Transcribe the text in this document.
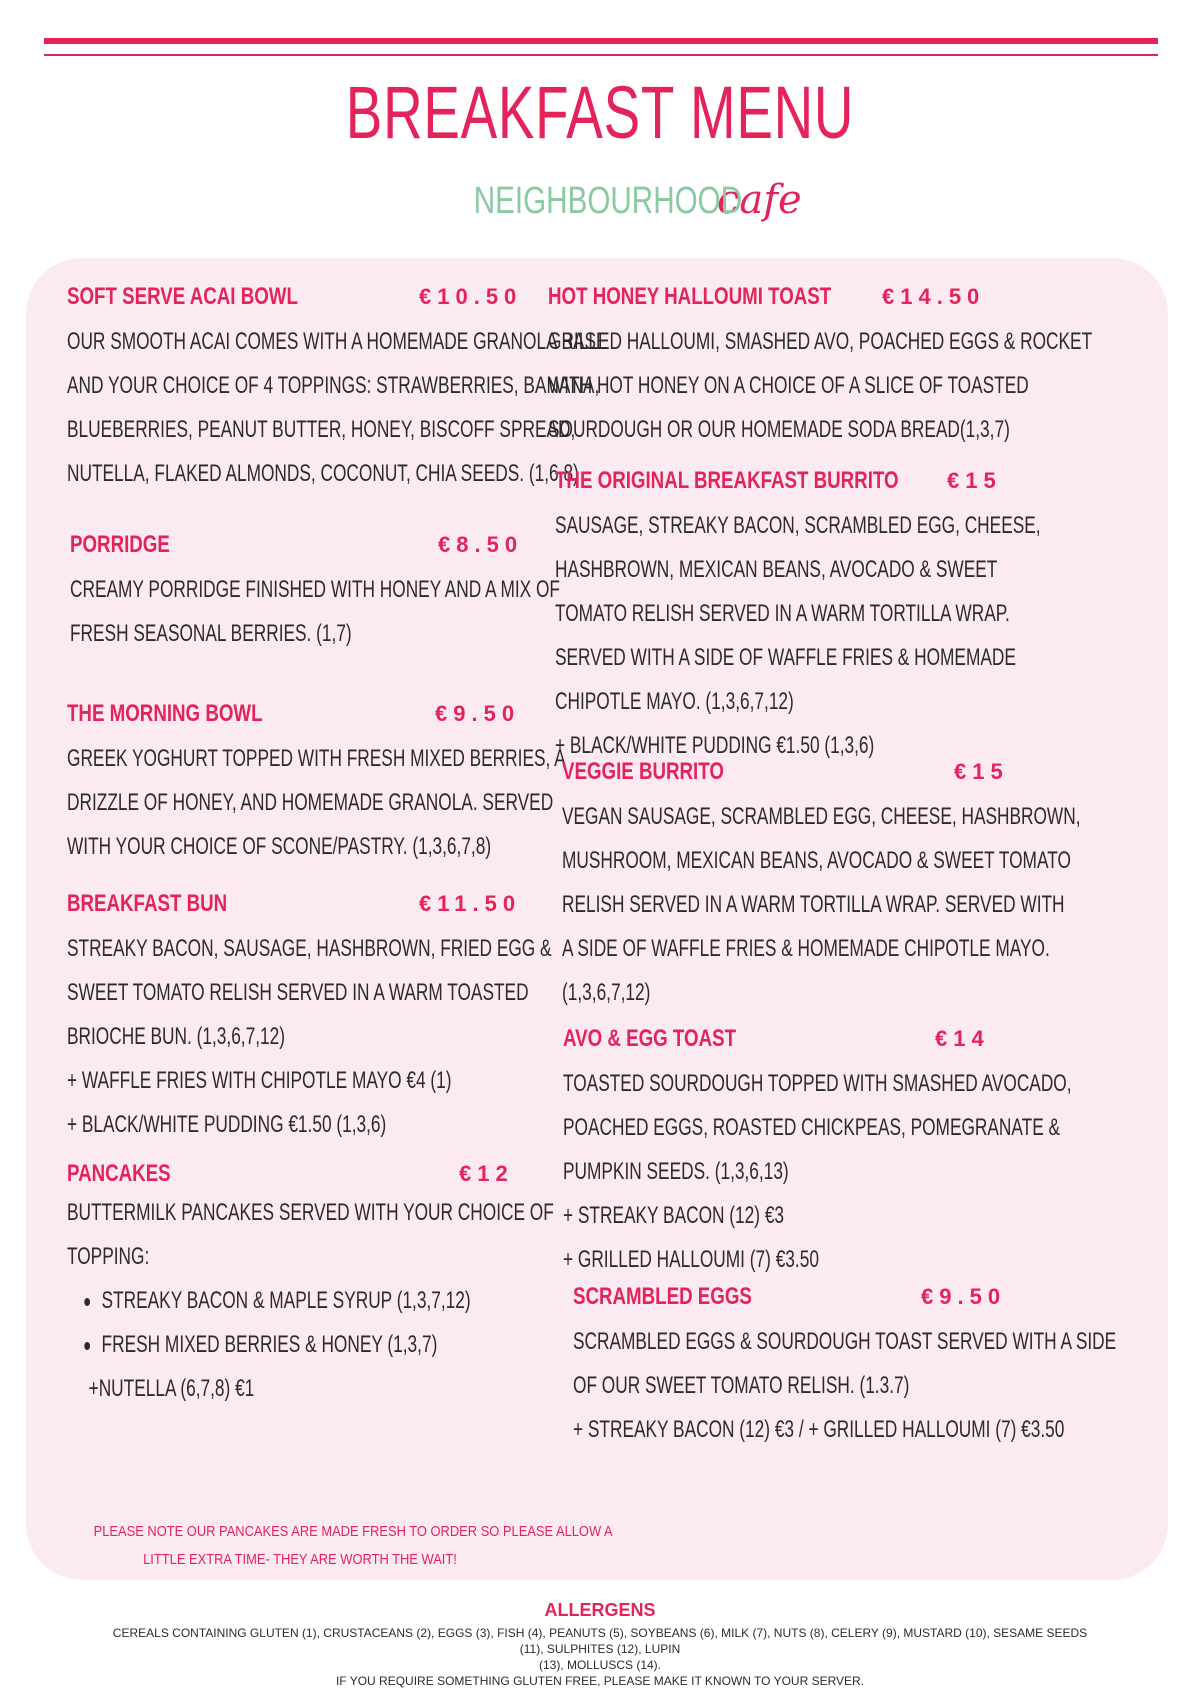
BREAKFAST MENU
NEIGHBOURHOOD cafe
SOFT SERVE ACAI BOWL	€10.50
OUR SMOOTH ACAI COMES WITH A HOMEMADE GRANOLA BASE
AND YOUR CHOICE OF 4 TOPPINGS: STRAWBERRIES, BANANA,
BLUEBERRIES, PEANUT BUTTER, HONEY, BISCOFF SPREAD,
NUTELLA, FLAKED ALMONDS, COCONUT, CHIA SEEDS. (1,6,8)
PORRIDGE	€8.50
CREAMY PORRIDGE FINISHED WITH HONEY AND A MIX OF
FRESH SEASONAL BERRIES. (1,7)
THE MORNING BOWL	€9.50
GREEK YOGHURT TOPPED WITH FRESH MIXED BERRIES, A
DRIZZLE OF HONEY, AND HOMEMADE GRANOLA. SERVED
WITH YOUR CHOICE OF SCONE/PASTRY. (1,3,6,7,8)
BREAKFAST BUN	€11.50
STREAKY BACON, SAUSAGE, HASHBROWN, FRIED EGG &
SWEET TOMATO RELISH SERVED IN A WARM TOASTED
BRIOCHE BUN. (1,3,6,7,12)
+ WAFFLE FRIES WITH CHIPOTLE MAYO €4 (1)
+ BLACK/WHITE PUDDING €1.50 (1,3,6)
PANCAKES	€12
BUTTERMILK PANCAKES SERVED WITH YOUR CHOICE OF
TOPPING:
STREAKY BACON & MAPLE SYRUP (1,3,7,12)
FRESH MIXED BERRIES & HONEY (1,3,7)
+NUTELLA (6,7,8) €1
PLEASE NOTE OUR PANCAKES ARE MADE FRESH TO ORDER SO PLEASE ALLOW A
LITTLE EXTRA TIME- THEY ARE WORTH THE WAIT!
HOT HONEY HALLOUMI TOAST €14.50
GRILLED HALLOUMI, SMASHED AVO, POACHED EGGS & ROCKET
WITH HOT HONEY ON A CHOICE OF A SLICE OF TOASTED
SOURDOUGH OR OUR HOMEMADE SODA BREAD(1,3,7)
THE ORIGINAL BREAKFAST BURRITO €15
SAUSAGE, STREAKY BACON, SCRAMBLED EGG, CHEESE,
HASHBROWN, MEXICAN BEANS, AVOCADO & SWEET
TOMATO RELISH SERVED IN A WARM TORTILLA WRAP.
SERVED WITH A SIDE OF WAFFLE FRIES & HOMEMADE
CHIPOTLE MAYO. (1,3,6,7,12)
+ BLACK/WHITE PUDDING €1.50 (1,3,6)
VEGGIE BURRITO	€15
VEGAN SAUSAGE, SCRAMBLED EGG, CHEESE, HASHBROWN,
MUSHROOM, MEXICAN BEANS, AVOCADO & SWEET TOMATO
RELISH SERVED IN A WARM TORTILLA WRAP. SERVED WITH
A SIDE OF WAFFLE FRIES & HOMEMADE CHIPOTLE MAYO.
(1,3,6,7,12)
AVO & EGG TOAST	€14
TOASTED SOURDOUGH TOPPED WITH SMASHED AVOCADO,
POACHED EGGS, ROASTED CHICKPEAS, POMEGRANATE &
PUMPKIN SEEDS. (1,3,6,13)
+ STREAKY BACON (12) €3
+ GRILLED HALLOUMI (7) €3.50
SCRAMBLED EGGS	€9.50
SCRAMBLED EGGS & SOURDOUGH TOAST SERVED WITH A SIDE
OF OUR SWEET TOMATO RELISH. (1.3.7)
+ STREAKY BACON (12) €3 / + GRILLED HALLOUMI (7) €3.50
ALLERGENS
CEREALS CONTAINING GLUTEN (1), CRUSTACEANS (2), EGGS (3), FISH (4), PEANUTS (5), SOYBEANS (6), MILK (7), NUTS (8), CELERY (9), MUSTARD (10), SESAME SEEDS (11), SULPHITES (12), LUPIN
(13), MOLLUSCS (14).
IF YOU REQUIRE SOMETHING GLUTEN FREE, PLEASE MAKE IT KNOWN TO YOUR SERVER.
